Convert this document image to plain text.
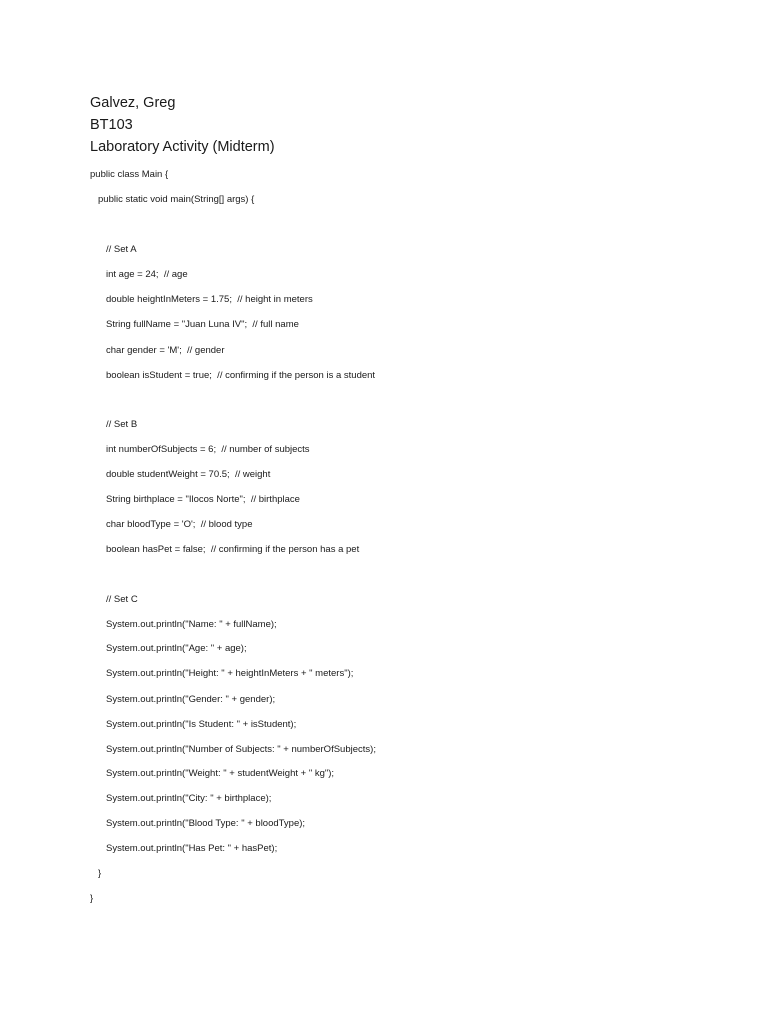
Galvez, Greg
BT103
Laboratory Activity (Midterm)
public class Main {
public static void main(String[] args) {
// Set A
int age = 24;  // age
double heightInMeters = 1.75;  // height in meters
String fullName = "Juan Luna IV";  // full name
char gender = 'M';  // gender
boolean isStudent = true;  // confirming if the person is a student
// Set B
int numberOfSubjects = 6;  // number of subjects
double studentWeight = 70.5;  // weight
String birthplace = "Ilocos Norte";  // birthplace
char bloodType = 'O';  // blood type
boolean hasPet = false;  // confirming if the person has a pet
// Set C
System.out.println("Name: " + fullName);
System.out.println("Age: " + age);
System.out.println("Height: " + heightInMeters + " meters");
System.out.println("Gender: " + gender);
System.out.println("Is Student: " + isStudent);
System.out.println("Number of Subjects: " + numberOfSubjects);
System.out.println("Weight: " + studentWeight + " kg");
System.out.println("City: " + birthplace);
System.out.println("Blood Type: " + bloodType);
System.out.println("Has Pet: " + hasPet);
}
}
